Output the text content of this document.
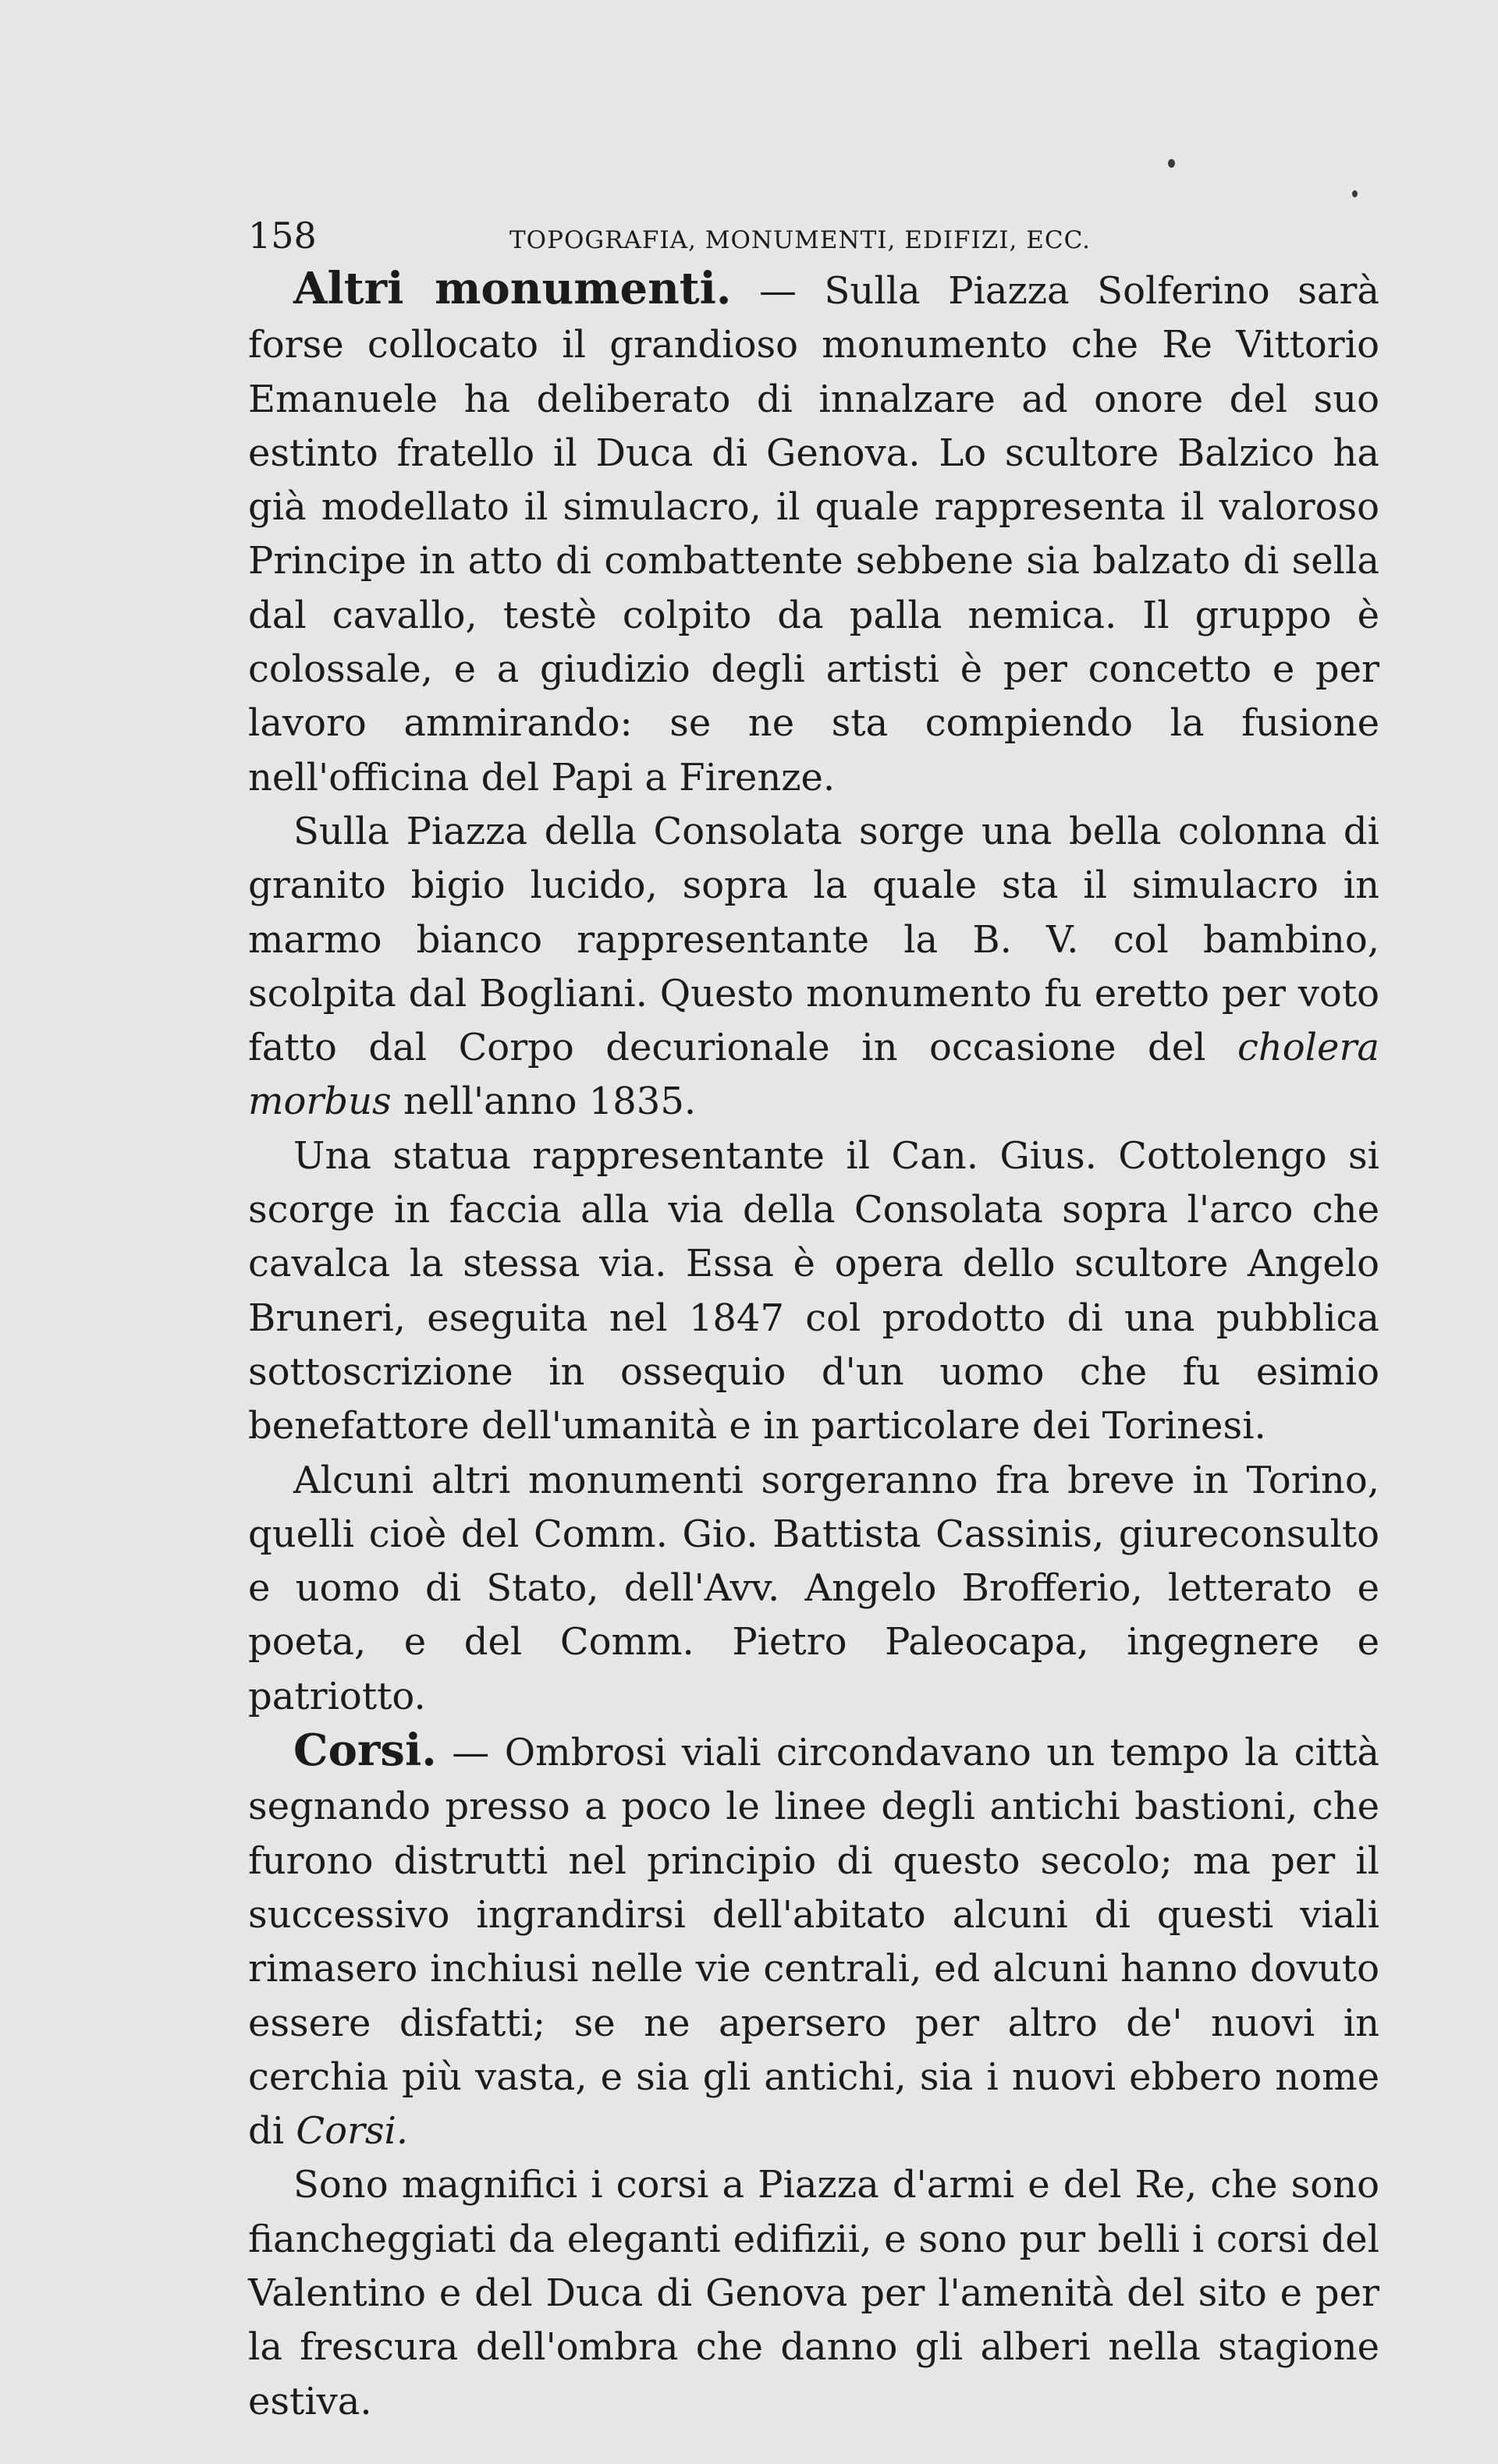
158	TOPOGRAFIA, MONUMENTI, EDIFIZI, ECC.

Altri monumenti. — Sulla Piazza Solferino sarà forse collocato il grandioso monumento che Re Vittorio Emanuele ha deliberato di innalzare ad onore del suo estinto fratello il Duca di Genova. Lo scultore Balzico ha già modellato il simulacro, il quale rappresenta il valoroso Principe in atto di combattente sebbene sia balzato di sella dal cavallo, testè colpito da palla nemica. Il gruppo è colossale, e a giudizio degli artisti è per concetto e per lavoro ammirando: se ne sta compiendo la fusione nell'officina del Papi a Firenze.

Sulla Piazza della Consolata sorge una bella colonna di granito bigio lucido, sopra la quale sta il simulacro in marmo bianco rappresentante la B. V. col bambino, scolpita dal Bogliani. Questo monumento fu eretto per voto fatto dal Corpo decurionale in occasione del cholera morbus nell'anno 1835.

Una statua rappresentante il Can. Gius. Cottolengo si scorge in faccia alla via della Consolata sopra l'arco che cavalca la stessa via. Essa è opera dello scultore Angelo Bruneri, eseguita nel 1847 col prodotto di una pubblica sottoscrizione in ossequio d'un uomo che fu esimio benefattore dell'umanità e in particolare dei Torinesi.

Alcuni altri monumenti sorgeranno fra breve in Torino, quelli cioè del Comm. Gio. Battista Cassinis, giureconsulto e uomo di Stato, dell'Avv. Angelo Brofferio, letterato e poeta, e del Comm. Pietro Paleocapa, ingegnere e patriotto.

Corsi. — Ombrosi viali circondavano un tempo la città segnando presso a poco le linee degli antichi bastioni, che furono distrutti nel principio di questo secolo; ma per il successivo ingrandirsi dell'abitato alcuni di questi viali rimasero inchiusi nelle vie centrali, ed alcuni hanno dovuto essere disfatti; se ne apersero per altro de' nuovi in cerchia più vasta, e sia gli antichi, sia i nuovi ebbero nome di Corsi.

Sono magnifici i corsi a Piazza d'armi e del Re, che sono fiancheggiati da eleganti edifizii, e sono pur belli i corsi del Valentino e del Duca di Genova per l'amenità del sito e per la frescura dell'ombra che danno gli alberi nella stagione estiva.
